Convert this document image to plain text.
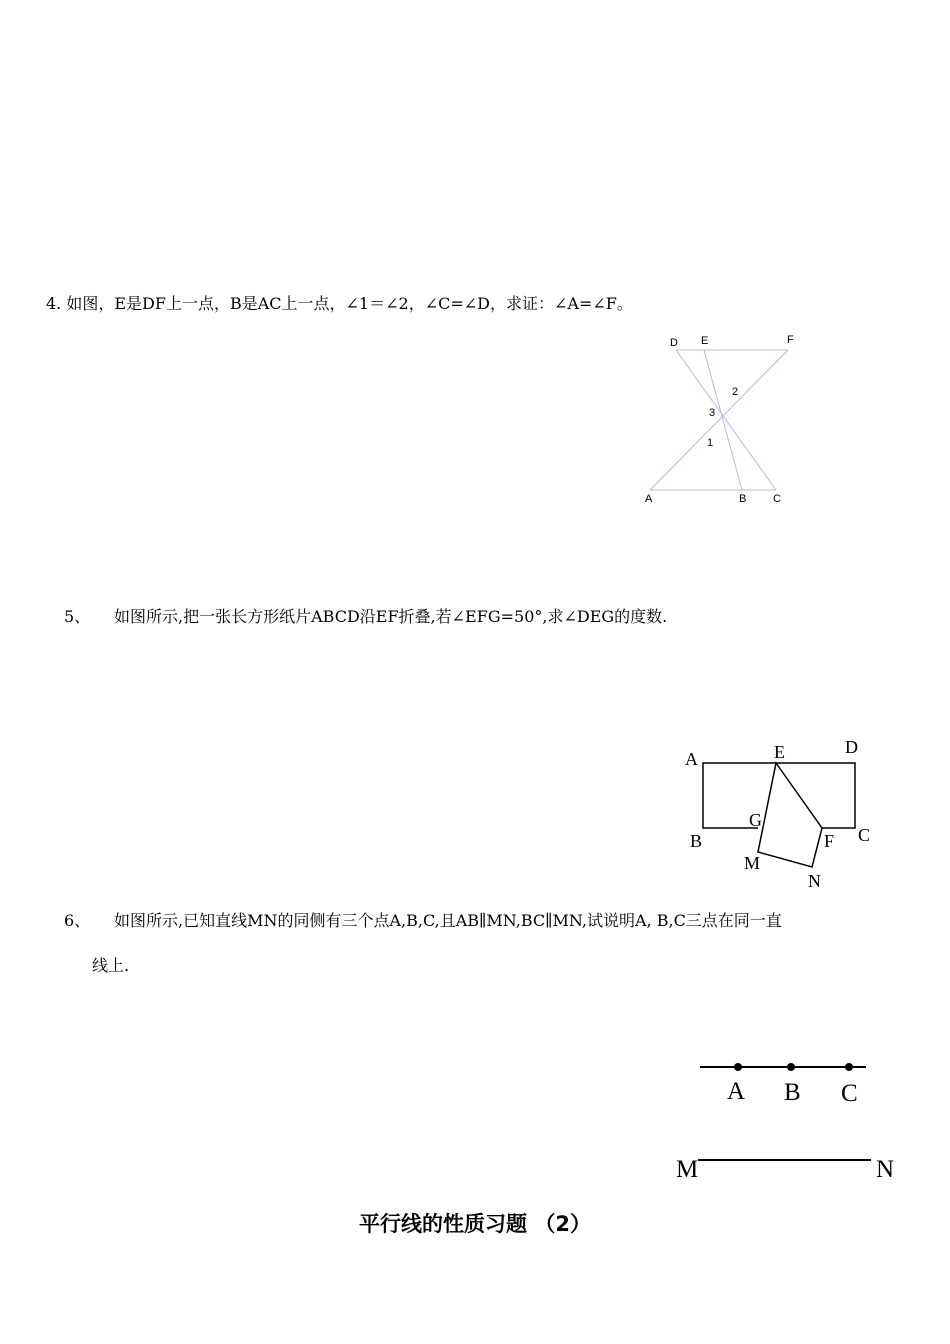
4. 如图，E是DF上一点，B是AC上一点，∠1＝∠2，∠C=∠D，求证：∠A=∠F。

D E	F
A	B C
2
3
1

5、 如图所示,把一张长方形纸片ABCD沿EF折叠,若∠EFG=50°,求∠DEG的度数.

A	E	D
B
G
F C
M
N

6、 如图所示,已知直线MN的同侧有三个点A,B,C,且AB∥MN,BC∥MN,试说明A, B,C三点在同一直

线上.

A B C
M	N
平行线的性质习题 （2）
